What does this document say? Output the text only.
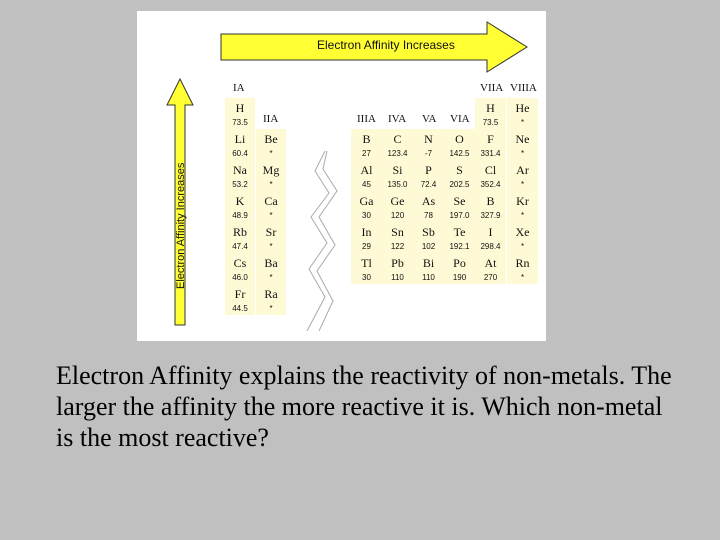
Electron Affinity Increases
Electron Affinity Increases
IA
IIA	IIIA IVA VA VIA
VIIA VIIIA
H
73.5
Li
60.4
Be
*
Na
53.2
Mg
*
K
48.9
Ca
*
Rb
47.4
Sr
*
Cs
46.0
Ba
*
Fr
44.5
Ra
*
H
73.5
He
*
B
27
C
123.4
N
-7
O
142.5
F
331.4
Ne
*
Al
45
Si
135.0
P
72.4
S
202.5
Cl
352.4
Ar
*
Ga
30
Ge
120
As
78
Se
197.0
B
327.9
Kr
*
In
29
Sn
122
Sb
102
Te
192.1
I
298.4
Xe
*
Tl
30
Pb
110
Bi
110
Po
190
At
270
Rn
*
Electron Affinity explains the reactivity of non-metals. The larger the affinity the more reactive it is. Which non-metal is the most reactive?
